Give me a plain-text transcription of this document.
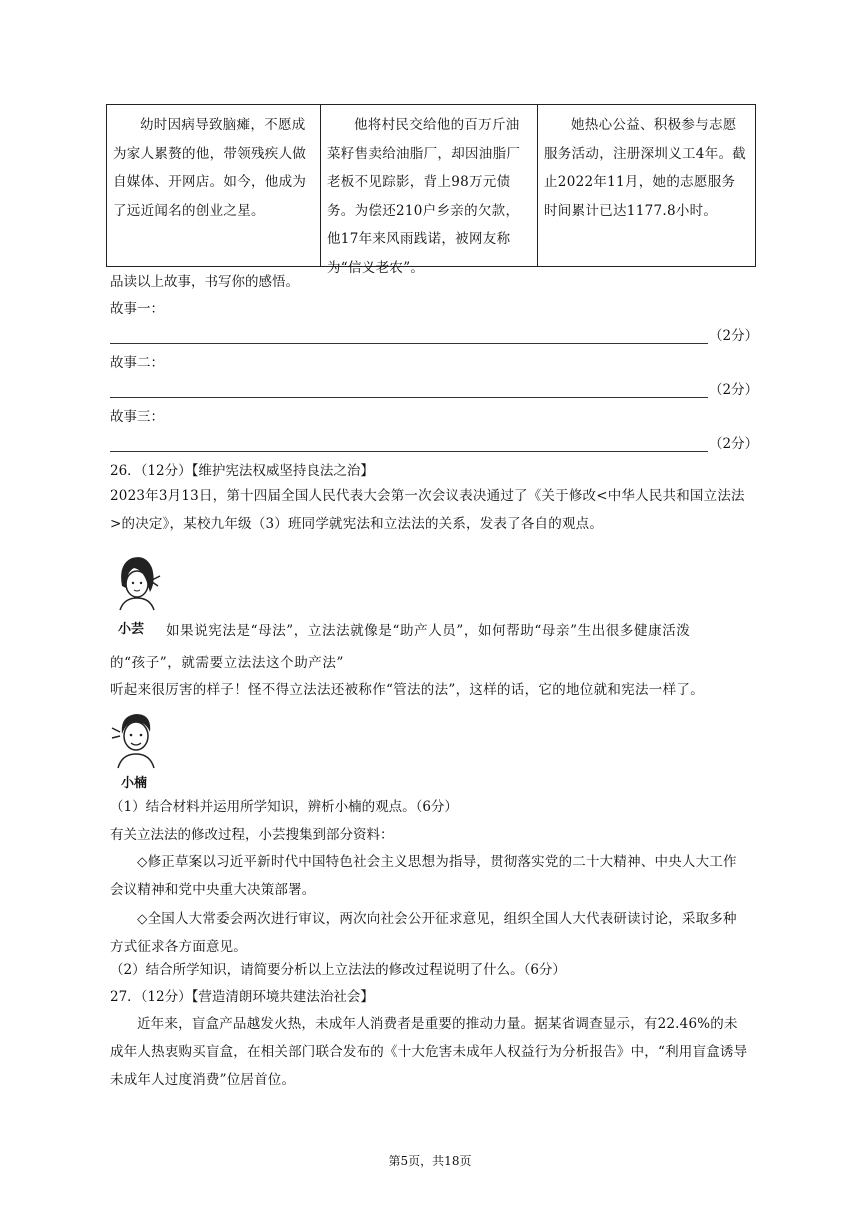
幼时因病导致脑瘫，不愿成为家人累赘的他，带领残疾人做自媒体、开网店。如今，他成为了远近闻名的创业之星。
他将村民交给他的百万斤油菜籽售卖给油脂厂，却因油脂厂老板不见踪影，背上98万元债务。为偿还210户乡亲的欠款，他17年来风雨践诺，被网友称为“信义老农”。
她热心公益、积极参与志愿服务活动，注册深圳义工4年。截止2022年11月，她的志愿服务时间累计已达1177.8小时。
品读以上故事，书写你的感悟。
故事一：
（2分）
故事二：
（2分）
故事三：
（2分）
26．（12分）【维护宪法权威坚持良法之治】
2023年3月13日，第十四届全国人民代表大会第一次会议表决通过了《关于修改<中华人民共和国立法法>的决定》，某校九年级（3）班同学就宪法和立法法的关系，发表了各自的观点。
小芸 如果说宪法是“母法”，立法法就像是“助产人员”，如何帮助“母亲”生出很多健康活泼
的“孩子”，就需要立法法这个助产法”
听起来很厉害的样子！怪不得立法法还被称作“管法的法”，这样的话，它的地位就和宪法一样了。
小楠
（1）结合材料并运用所学知识，辨析小楠的观点。（6分）
有关立法法的修改过程，小芸搜集到部分资料：
◇修正草案以习近平新时代中国特色社会主义思想为指导，贯彻落实党的二十大精神、中央人大工作会议精神和党中央重大决策部署。
◇全国人大常委会两次进行审议，两次向社会公开征求意见，组织全国人大代表研读讨论，采取多种方式征求各方面意见。
（2）结合所学知识，请简要分析以上立法法的修改过程说明了什么。（6分）
27．（12分）【营造清朗环境共建法治社会】
近年来，盲盒产品越发火热，未成年人消费者是重要的推动力量。据某省调查显示，有22.46%的未成年人热衷购买盲盒，在相关部门联合发布的《十大危害未成年人权益行为分析报告》中，“利用盲盒诱导未成年人过度消费”位居首位。
第5页，共18页
